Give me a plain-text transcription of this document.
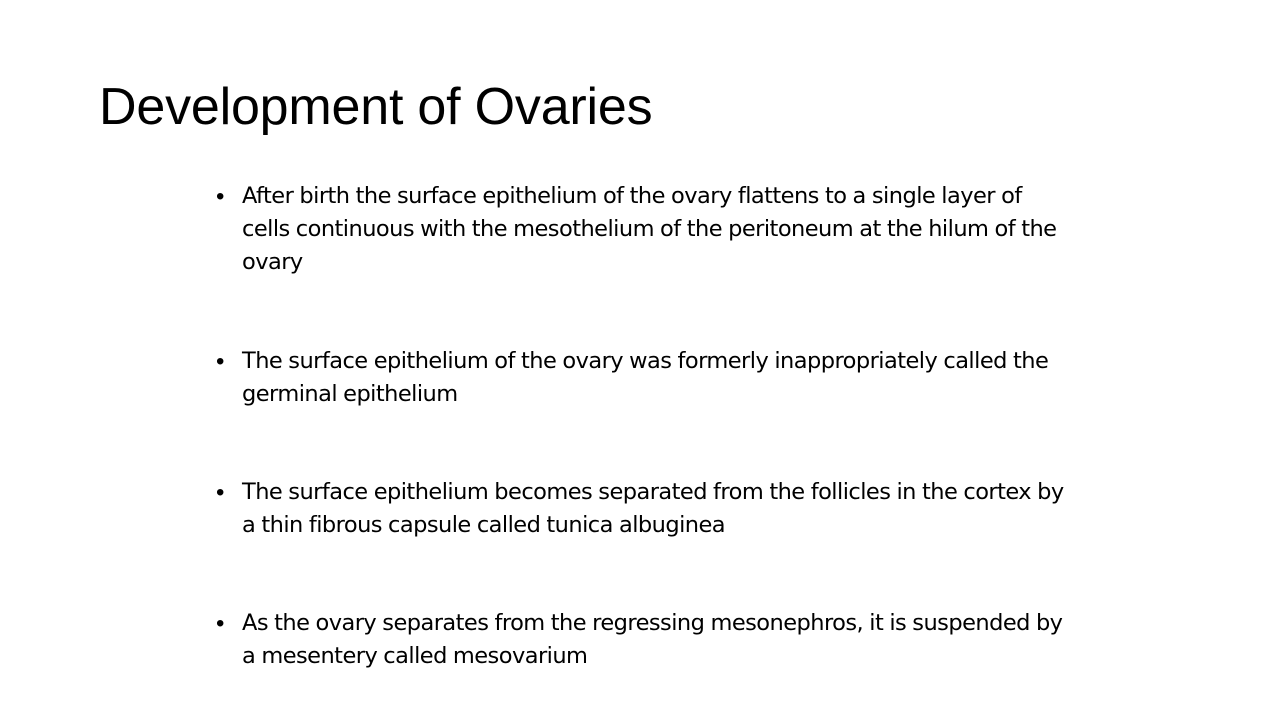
Development of Ovaries
• After birth the surface epithelium of the ovary flattens to a single layer of cells continuous with the mesothelium of the peritoneum at the hilum of the ovary
• The surface epithelium of the ovary was formerly inappropriately called the germinal epithelium
• The surface epithelium becomes separated from the follicles in the cortex by a thin fibrous capsule called tunica albuginea
• As the ovary separates from the regressing mesonephros, it is suspended by a mesentery called mesovarium
